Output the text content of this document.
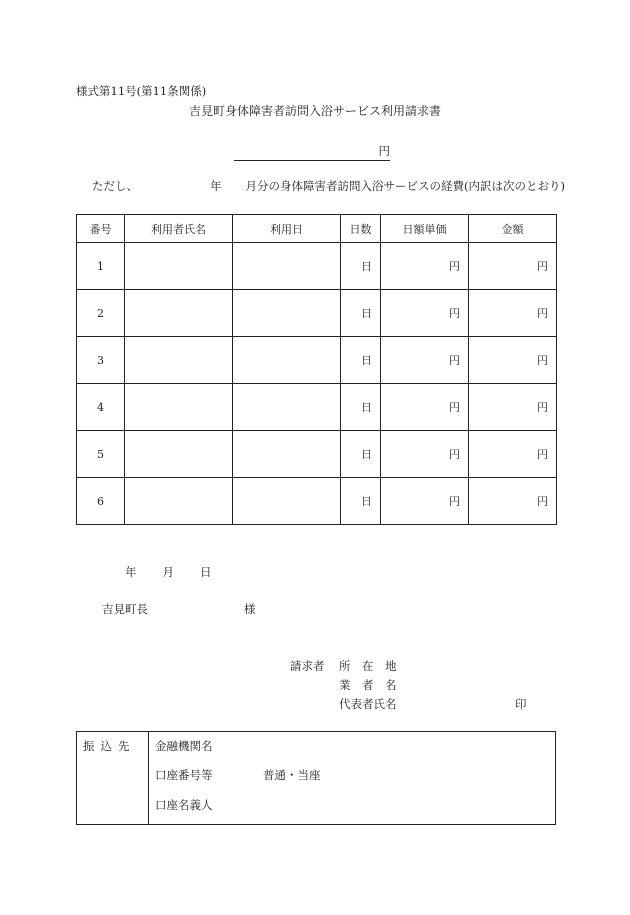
様式第11号(第11条関係)
吉見町身体障害者訪問入浴サービス利用請求書
円
ただし、	年 月分の身体障害者訪問入浴サービスの経費(内訳は次のとおり)
番号	利用者氏名	利用日	日数	日額単価	金額
1			日	円	円
2			日	円	円
3			日	円	円
4			日	円	円
5			日	円	円
6			日	円	円
年 月 日
吉見町長	様
請求者 所　在　地
業　者　名
代表者氏名	印
振込先 金融機関名
口座番号等	普通・当座
口座名義人
